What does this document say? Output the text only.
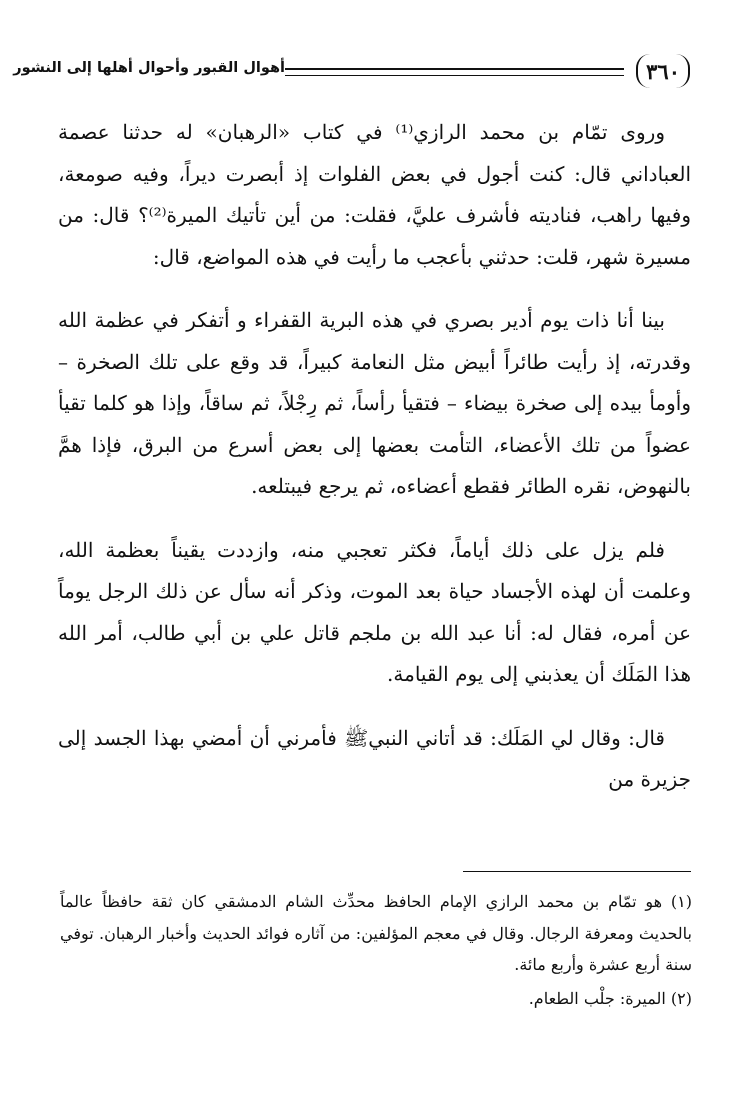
٣٦٠
أهوال القبور وأحوال أهلها إلى النشور

وروى تمّام بن محمد الرازي⁽¹⁾ في كتاب «الرهبان» له حدثنا عصمة العباداني قال: كنت أجول في بعض الفلوات إذ أبصرت ديراً، وفيه صومعة، وفيها راهب، فناديته فأشرف عليَّ، فقلت: من أين تأتيك الميرة⁽²⁾؟ قال: من مسيرة شهر، قلت: حدثني بأعجب ما رأيت في هذه المواضع، قال:

بينا أنا ذات يوم أدير بصري في هذه البرية القفراء و أتفكر في عظمة الله وقدرته، إذ رأيت طائراً أبيض مثل النعامة كبيراً، قد وقع على تلك الصخرة – وأومأ بيده إلى صخرة بيضاء – فتقيأ رأساً، ثم رِجْلاً، ثم ساقاً، وإذا هو كلما تقيأ عضواً من تلك الأعضاء، التأمت بعضها إلى بعض أسرع من البرق، فإذا همَّ بالنهوض، نقره الطائر فقطع أعضاءه، ثم يرجع فيبتلعه.

فلم يزل على ذلك أياماً، فكثر تعجبي منه، وازددت يقيناً بعظمة الله، وعلمت أن لهذه الأجساد حياة بعد الموت، وذكر أنه سأل عن ذلك الرجل يوماً عن أمره، فقال له: أنا عبد الله بن ملجم قاتل علي بن أبي طالب، أمر الله هذا المَلَك أن يعذبني إلى يوم القيامة.

قال: وقال لي المَلَك: قد أتاني النبيﷺ فأمرني أن أمضي بهذا الجسد إلى جزيرة من

(١) هو تمّام بن محمد الرازي الإمام الحافظ محدِّث الشام الدمشقي كان ثقة حافظاً عالماً بالحديث ومعرفة الرجال. وقال في معجم المؤلفين: من آثاره فوائد الحديث وأخبار الرهبان. توفي سنة أربع عشرة وأربع مائة.

(٢) الميرة: جلْب الطعام.
